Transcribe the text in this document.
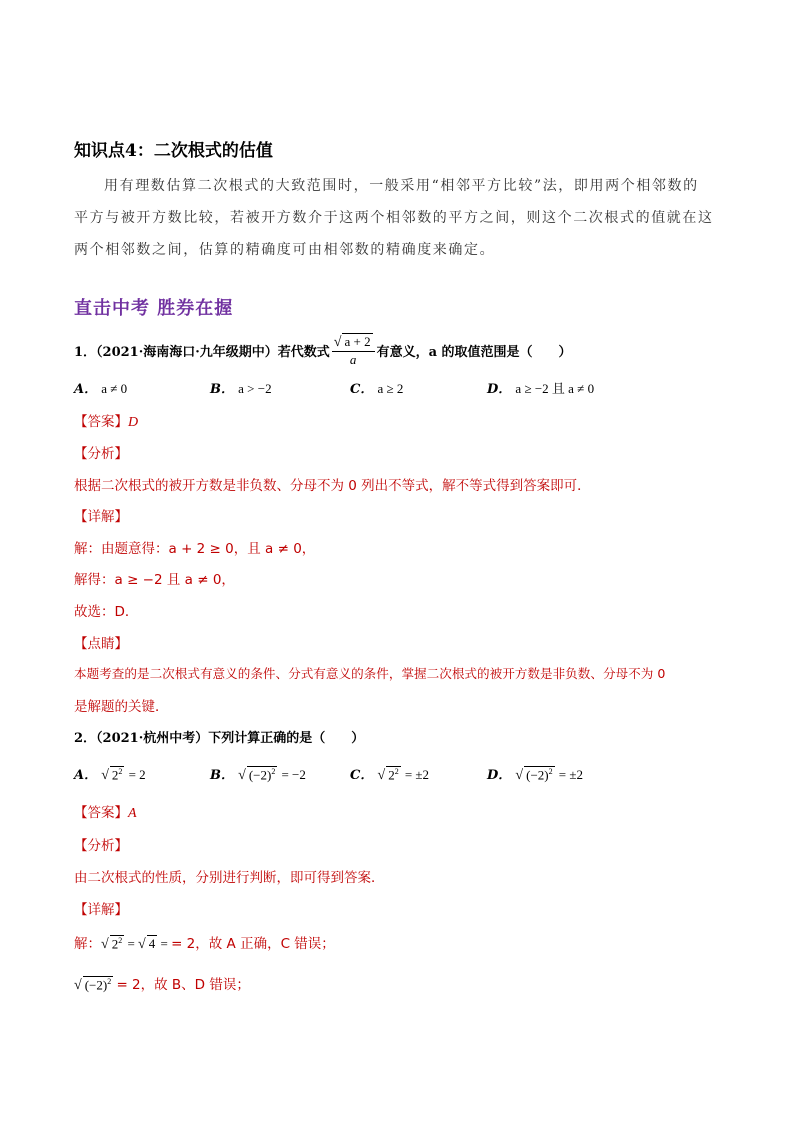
知识点4：二次根式的估值
用有理数估算二次根式的大致范围时，一般采用“相邻平方比较”法，即用两个相邻数的
平方与被开方数比较，若被开方数介于这两个相邻数的平方之间，则这个二次根式的值就在这
两个相邻数之间，估算的精确度可由相邻数的精确度来确定。
直击中考 胜券在握
1．（2021·海南海口·九年级期中）若代数式 $\frac{√ a + 2}{a}$ 有意义，a 的取值范围是（　　）
A． a ≠ 0	B． a > −2	C． a ≥ 2	D． a ≥ −2 且 a ≠ 0
【答案】D
【分析】
根据二次根式的被开方数是非负数、分母不为 0 列出不等式，解不等式得到答案即可．
【详解】
解：由题意得：a + 2 ≥ 0，且 a ≠ 0，
解得：a ≥ −2 且 a ≠ 0，
故选：D．
【点睛】
本题考查的是二次根式有意义的条件、分式有意义的条件，掌握二次根式的被开方数是非负数、分母不为 0
是解题的关键．
2．（2021·杭州中考）下列计算正确的是（　　）
A． √ $2^2 = 2$	B． √ $(-2)^2 = -2$	C． √ $2^2 = \pm 2$	D． √ $(-2)^2 = \pm 2$
【答案】A
【分析】
由二次根式的性质，分别进行判断，即可得到答案．
【详解】
解：√ $2^2$ = √ 4 = = 2，故 A 正确，C 错误；
√ $(-2)^2 = 2$，故 B、D 错误；
